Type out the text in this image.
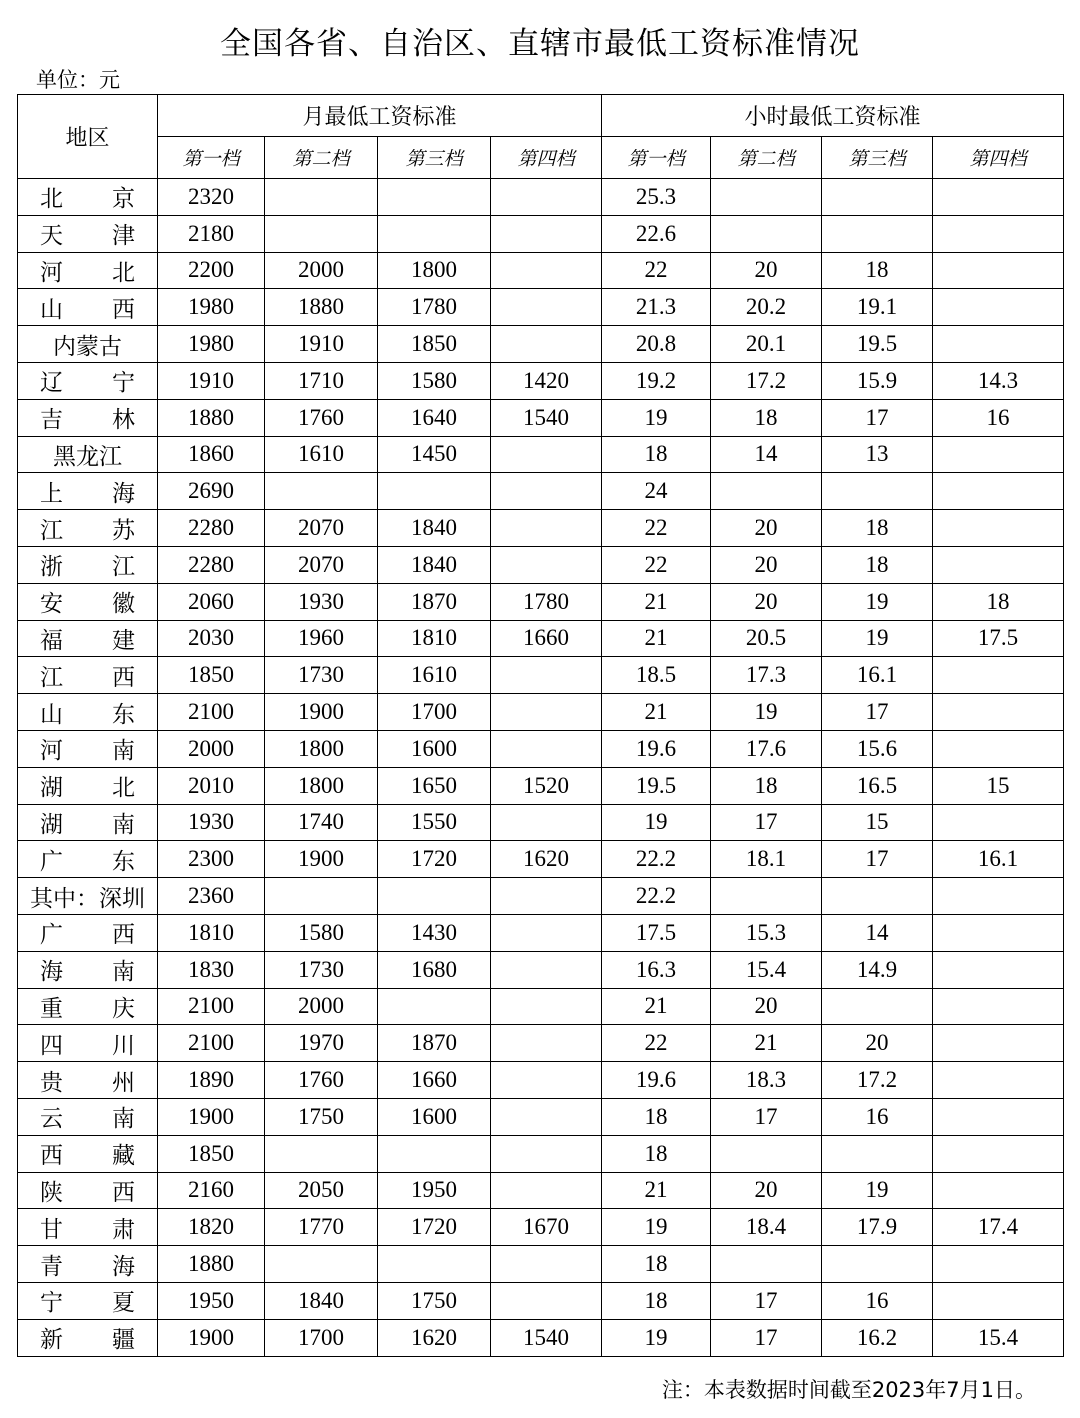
全国各省、自治区、直辖市最低工资标准情况
单位：元
地区	月最低工资标准				小时最低工资标准			
	第一档	第二档	第三档	第四档	第一档	第二档	第三档	第四档

北 京	2320				25.3			

天 津	2180				22.6			

河 北	2200	2000	1800		22	20	18	

山 西	1980	1880	1780		21.3	20.2	19.1	
内蒙古	1980	1910	1850		20.8	20.1	19.5	

辽 宁	1910	1710	1580	1420	19.2	17.2	15.9	14.3

吉 林	1880	1760	1640	1540	19	18	17	16
黑龙江	1860	1610	1450		18	14	13	

上 海	2690				24			

江 苏	2280	2070	1840		22	20	18	

浙 江	2280	2070	1840		22	20	18	

安 徽	2060	1930	1870	1780	21	20	19	18

福 建	2030	1960	1810	1660	21	20.5	19	17.5

江 西	1850	1730	1610		18.5	17.3	16.1	

山 东	2100	1900	1700		21	19	17	

河 南	2000	1800	1600		19.6	17.6	15.6	

湖 北	2010	1800	1650	1520	19.5	18	16.5	15

湖 南	1930	1740	1550		19	17	15	

广 东	2300	1900	1720	1620	22.2	18.1	17	16.1
其中：深圳	2360				22.2			

广 西	1810	1580	1430		17.5	15.3	14	

海 南	1830	1730	1680		16.3	15.4	14.9	

重 庆	2100	2000			21	20		

四 川	2100	1970	1870		22	21	20	

贵 州	1890	1760	1660		19.6	18.3	17.2	

云 南	1900	1750	1600		18	17	16	

西 藏	1850				18			

陕 西	2160	2050	1950		21	20	19	

甘 肃	1820	1770	1720	1670	19	18.4	17.9	17.4

青 海	1880				18			

宁 夏	1950	1840	1750		18	17	16	

新 疆	1900	1700	1620	1540	19	17	16.2	15.4
注：本表数据时间截至2023年7月1日。
